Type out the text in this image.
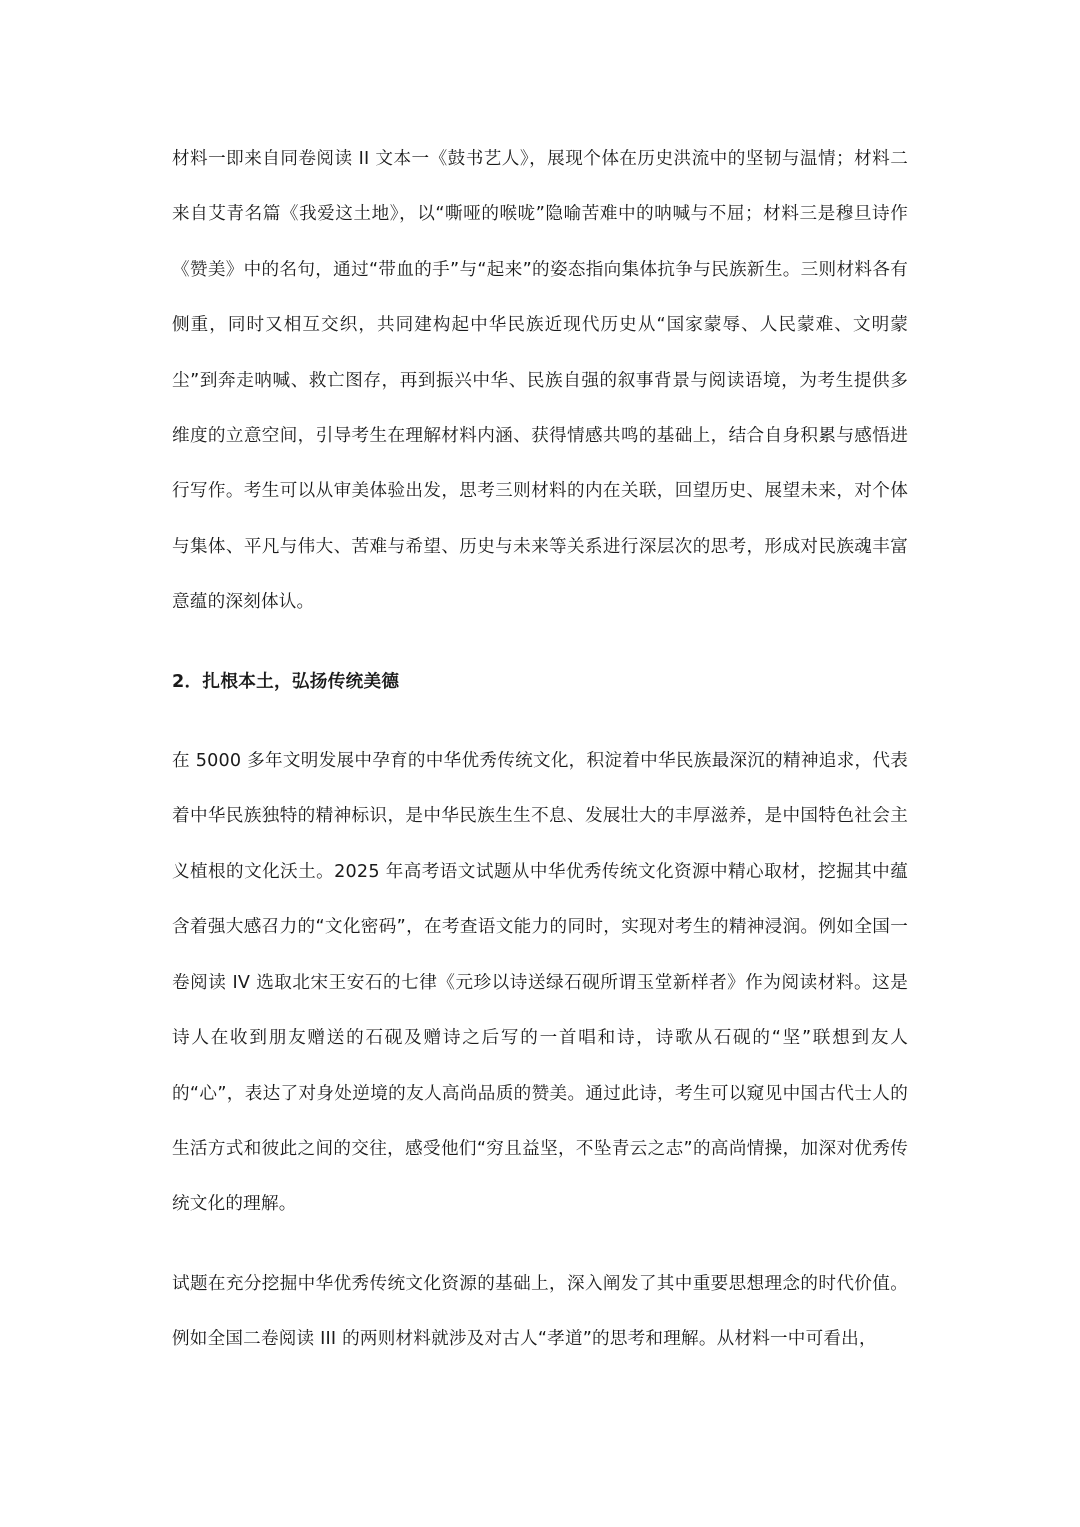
材料一即来自同卷阅读 II 文本一《鼓书艺人》，展现个体在历史洪流中的坚韧与温情；材料二来自艾青名篇《我爱这土地》，以“嘶哑的喉咙”隐喻苦难中的呐喊与不屈；材料三是穆旦诗作《赞美》中的名句，通过“带血的手”与“起来”的姿态指向集体抗争与民族新生。三则材料各有侧重，同时又相互交织，共同建构起中华民族近现代历史从“国家蒙辱、人民蒙难、文明蒙尘”到奔走呐喊、救亡图存，再到振兴中华、民族自强的叙事背景与阅读语境，为考生提供多维度的立意空间，引导考生在理解材料内涵、获得情感共鸣的基础上，结合自身积累与感悟进行写作。考生可以从审美体验出发，思考三则材料的内在关联，回望历史、展望未来，对个体与集体、平凡与伟大、苦难与希望、历史与未来等关系进行深层次的思考，形成对民族魂丰富意蕴的深刻体认。

2．扎根本土，弘扬传统美德

在 5000 多年文明发展中孕育的中华优秀传统文化，积淀着中华民族最深沉的精神追求，代表着中华民族独特的精神标识，是中华民族生生不息、发展壮大的丰厚滋养，是中国特色社会主义植根的文化沃土。2025 年高考语文试题从中华优秀传统文化资源中精心取材，挖掘其中蕴含着强大感召力的“文化密码”，在考查语文能力的同时，实现对考生的精神浸润。例如全国一卷阅读 IV 选取北宋王安石的七律《元珍以诗送绿石砚所谓玉堂新样者》作为阅读材料。这是诗人在收到朋友赠送的石砚及赠诗之后写的一首唱和诗，诗歌从石砚的“坚”联想到友人的“心”，表达了对身处逆境的友人高尚品质的赞美。通过此诗，考生可以窥见中国古代士人的生活方式和彼此之间的交往，感受他们“穷且益坚，不坠青云之志”的高尚情操，加深对优秀传统文化的理解。

试题在充分挖掘中华优秀传统文化资源的基础上，深入阐发了其中重要思想理念的时代价值。例如全国二卷阅读 III 的两则材料就涉及对古人“孝道”的思考和理解。从材料一中可看出，
